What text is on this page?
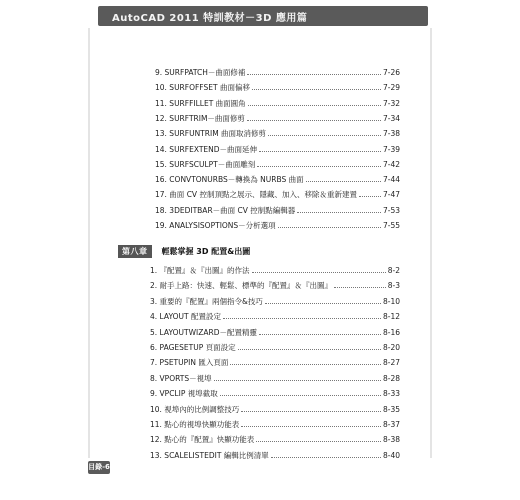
AutoCAD 2011 特訓教材－3D 應用篇
9. SURFPATCH－曲面修補	7-26
10. SURFOFFSET 曲面偏移	7-29
11. SURFFILLET 曲面圓角	7-32
12. SURFTRIM－曲面修剪	7-34
13. SURFUNTRIM 曲面取消修剪	7-38
14. SURFEXTEND－曲面延伸	7-39
15. SURFSCULPT－曲面雕刻	7-42
16. CONVTONURBS－轉換為 NURBS 曲面	7-44
17. 曲面 CV 控制頂點之展示、隱藏、加入、移除＆重新建置	7-47
18. 3DEDITBAR－曲面 CV 控制點編輯器	7-53
19. ANALYSISOPTIONS－分析選項	7-55
1. 『配置』＆『出圖』的作法	8-2
2. 耐手上路：快速、輕鬆、標準的『配置』＆『出圖』	8-3
3. 重要的『配置』兩個指令&技巧	8-10
4. LAYOUT 配置設定	8-12
5. LAYOUTWIZARD－配置精靈	8-16
6. PAGESETUP 頁面設定	8-20
7. PSETUPIN 匯入頁面	8-27
8. VPORTS－視埠	8-28
9. VPCLIP 視埠截取	8-33
10. 視埠內的比例調整技巧	8-35
11. 點心的視埠快顯功能表	8-37
12. 點心的『配置』快顯功能表	8-38
13. SCALELISTEDIT 編輯比例清單	8-40
第八章	輕鬆掌握 3D 配置&出圖
目錄-6
